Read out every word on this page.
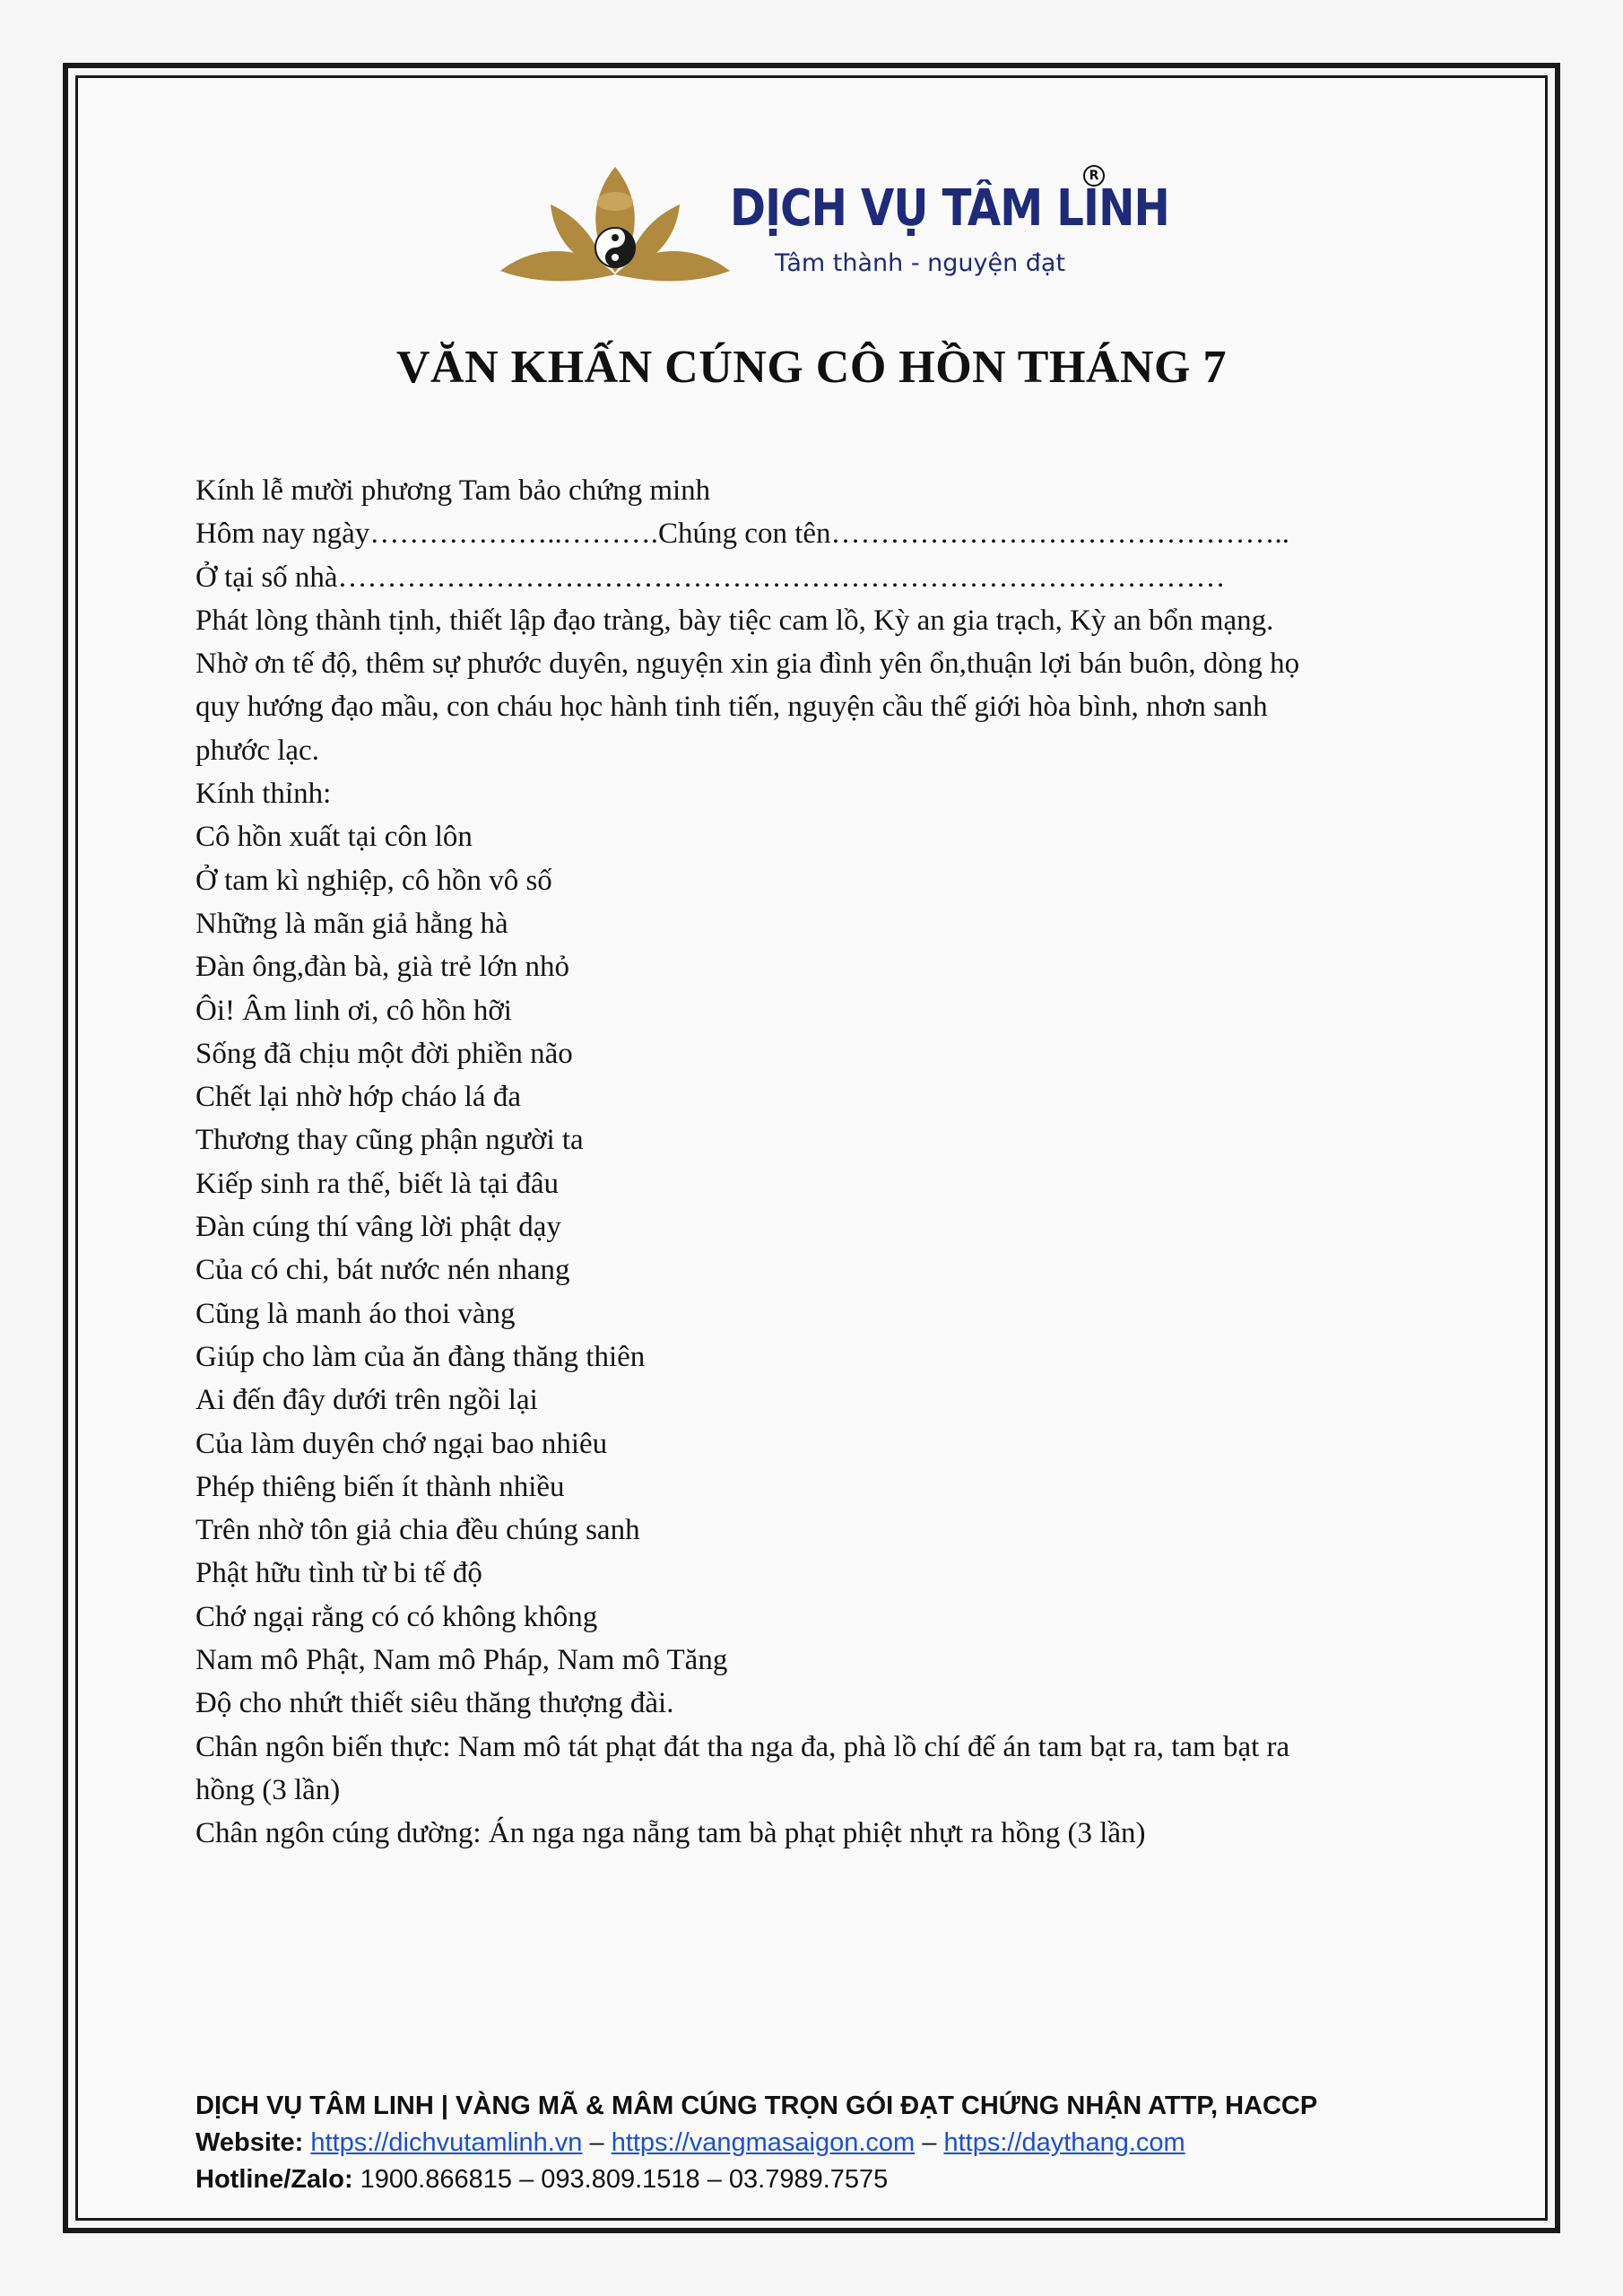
DỊCH VỤ TÂM LINH
Tâm thành - nguyện đạt
R
VĂN KHẤN CÚNG CÔ HỒN THÁNG 7
Kính lễ mười phương Tam bảo chứng minh
Hôm nay ngày………………..……….Chúng con tên………………………………………..
Ở tại số nhà………………………………………………………………………………
Phát lòng thành tịnh, thiết lập đạo tràng, bày tiệc cam lồ, Kỳ an gia trạch, Kỳ an bổn mạng.
Nhờ ơn tế độ, thêm sự phước duyên, nguyện xin gia đình yên ổn,thuận lợi bán buôn, dòng họ
quy hướng đạo mầu, con cháu học hành tinh tiến, nguyện cầu thế giới hòa bình, nhơn sanh
phước lạc.
Kính thỉnh:
Cô hồn xuất tại côn lôn
Ở tam kì nghiệp, cô hồn vô số
Những là mãn giả hằng hà
Đàn ông,đàn bà, già trẻ lớn nhỏ
Ôi! Âm linh ơi, cô hồn hỡi
Sống đã chịu một đời phiền não
Chết lại nhờ hớp cháo lá đa
Thương thay cũng phận người ta
Kiếp sinh ra thế, biết là tại đâu
Đàn cúng thí vâng lời phật dạy
Của có chi, bát nước nén nhang
Cũng là manh áo thoi vàng
Giúp cho làm của ăn đàng thăng thiên
Ai đến đây dưới trên ngồi lại
Của làm duyên chớ ngại bao nhiêu
Phép thiêng biến ít thành nhiều
Trên nhờ tôn giả chia đều chúng sanh
Phật hữu tình từ bi tế độ
Chớ ngại rằng có có không không
Nam mô Phật, Nam mô Pháp, Nam mô Tăng
Độ cho nhứt thiết siêu thăng thượng đài.
Chân ngôn biến thực: Nam mô tát phạt đát tha nga đa, phà lồ chí đế án tam bạt ra, tam bạt ra
hồng (3 lần)
Chân ngôn cúng dường: Án nga nga nẵng tam bà phạt phiệt nhựt ra hồng (3 lần)
DỊCH VỤ TÂM LINH | VÀNG MÃ & MÂM CÚNG TRỌN GÓI ĐẠT CHỨNG NHẬN ATTP, HACCP
Website: https://dichvutamlinh.vn – https://vangmasaigon.com – https://daythang.com
Hotline/Zalo: 1900.866815 – 093.809.1518 – 03.7989.7575
